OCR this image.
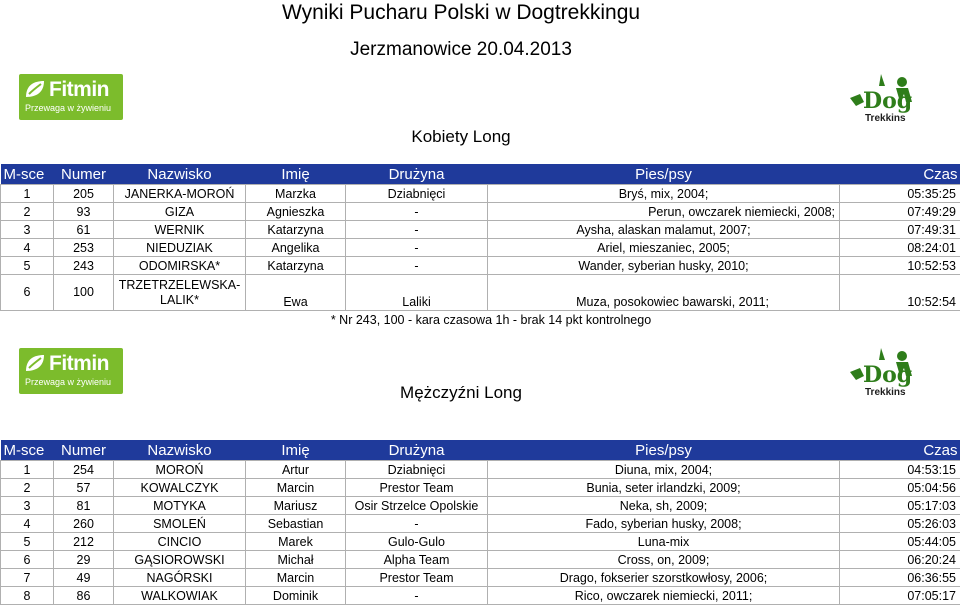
Wyniki Pucharu Polski w Dogtrekkingu
Jerzmanowice 20.04.2013
Fitmin
Przewaga w żywieniu	Dog
Trekkins
Kobiety Long
M-sce	Numer	Nazwisko	Imię	Drużyna	Pies/psy	Czas
1	205	JANERKA-MOROŃ	Marzka	Dziabnięci	Bryś, mix, 2004;	05:35:25
2	93	GIZA	Agnieszka	-	Perun, owczarek niemiecki, 2008;	07:49:29
3	61	WERNIK	Katarzyna	-	Aysha, alaskan malamut, 2007;	07:49:31
4	253	NIEDUZIAK	Angelika	-	Ariel, mieszaniec, 2005;	08:24:01
5	243	ODOMIRSKA*	Katarzyna	-	Wander, syberian husky, 2010;	10:52:53
6	100	TRZETRZELEWSKA-LALIK*	Ewa	Laliki	Muza, posokowiec bawarski, 2011;	10:52:54
* Nr 243, 100 - kara czasowa 1h - brak 14 pkt kontrolnego
Fitmin
Przewaga w żywieniu	Dog
Trekkins
Mężczyźni Long
M-sce	Numer	Nazwisko	Imię	Drużyna	Pies/psy	Czas
1	254	MOROŃ	Artur	Dziabnięci	Diuna, mix, 2004;	04:53:15
2	57	KOWALCZYK	Marcin	Prestor Team	Bunia, seter irlandzki, 2009;	05:04:56
3	81	MOTYKA	Mariusz	Osir Strzelce Opolskie	Neka, sh, 2009;	05:17:03
4	260	SMOLEŃ	Sebastian	-	Fado, syberian husky, 2008;	05:26:03
5	212	CINCIO	Marek	Gulo-Gulo	Luna-mix	05:44:05
6	29	GĄSIOROWSKI	Michał	Alpha Team	Cross, on, 2009;	06:20:24
7	49	NAGÓRSKI	Marcin	Prestor Team	Drago, fokserier szorstkowłosy, 2006;	06:36:55
8	86	WALKOWIAK	Dominik	-	Rico, owczarek niemiecki, 2011;	07:05:17
